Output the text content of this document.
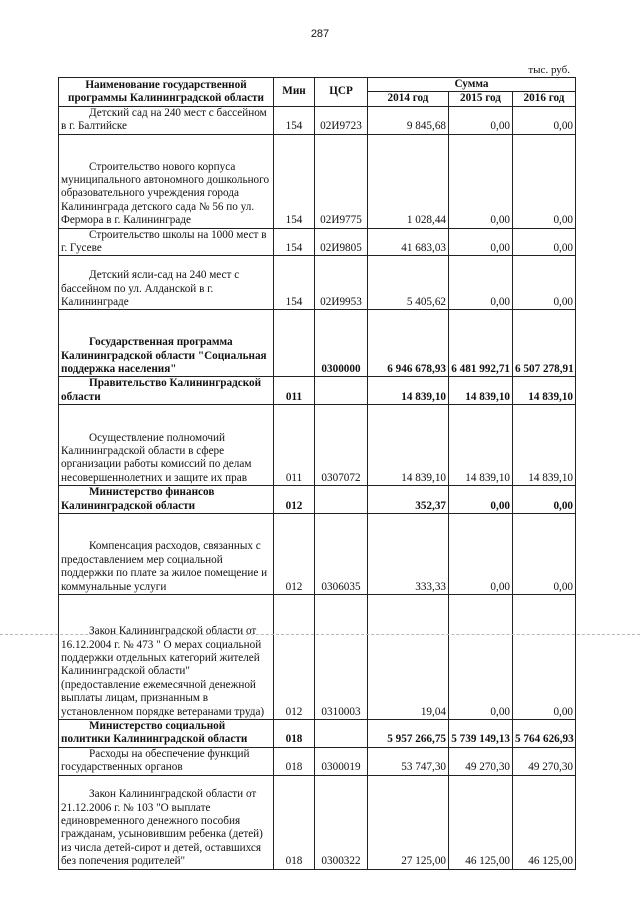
287
тыс. руб.
Наименование государственной программы Калининградской области	Мин	ЦСР	Сумма		
			2014 год	2015 год	2016 год
Детский сад на 240 мест с бассейном в г. Балтийске	154	02И9723	9 845,68	0,00	0,00
Строительство нового корпуса муниципального автономного дошкольного образовательного учреждения города Калининграда детского сада № 56 по ул. Фермора в г. Калининграде	154	02И9775	1 028,44	0,00	0,00
Строительство школы на 1000 мест в г. Гусеве	154	02И9805	41 683,03	0,00	0,00
Детский ясли-сад на 240 мест с бассейном по ул. Алданской в г. Калининграде	154	02И9953	5 405,62	0,00	0,00
Государственная программа Калининградской области "Социальная поддержка населения"		0300000	6 946 678,93	6 481 992,71	6 507 278,91
Правительство Калининградской области	011		14 839,10	14 839,10	14 839,10
Осуществление полномочий Калининградской области в сфере организации работы комиссий по делам несовершеннолетних и защите их прав	011	0307072	14 839,10	14 839,10	14 839,10
Министерство финансов Калининградской области	012		352,37	0,00	0,00
Компенсация расходов, связанных с предоставлением мер социальной поддержки по плате за жилое помещение и коммунальные услуги	012	0306035	333,33	0,00	0,00
Закон Калининградской области от 16.12.2004 г. № 473 " О мерах социальной поддержки отдельных категорий жителей Калининградской области" (предоставление ежемесячной денежной выплаты лицам, признанным в установленном порядке ветеранами труда)	012	0310003	19,04	0,00	0,00
Министерство социальной политики Калининградской области	018		5 957 266,75	5 739 149,13	5 764 626,93
Расходы на обеспечение функций государственных органов	018	0300019	53 747,30	49 270,30	49 270,30
Закон Калининградской области от 21.12.2006 г. № 103 "О выплате единовременного денежного пособия гражданам, усыновившим ребенка (детей) из числа детей-сирот и детей, оставшихся без попечения родителей"	018	0300322	27 125,00	46 125,00	46 125,00
